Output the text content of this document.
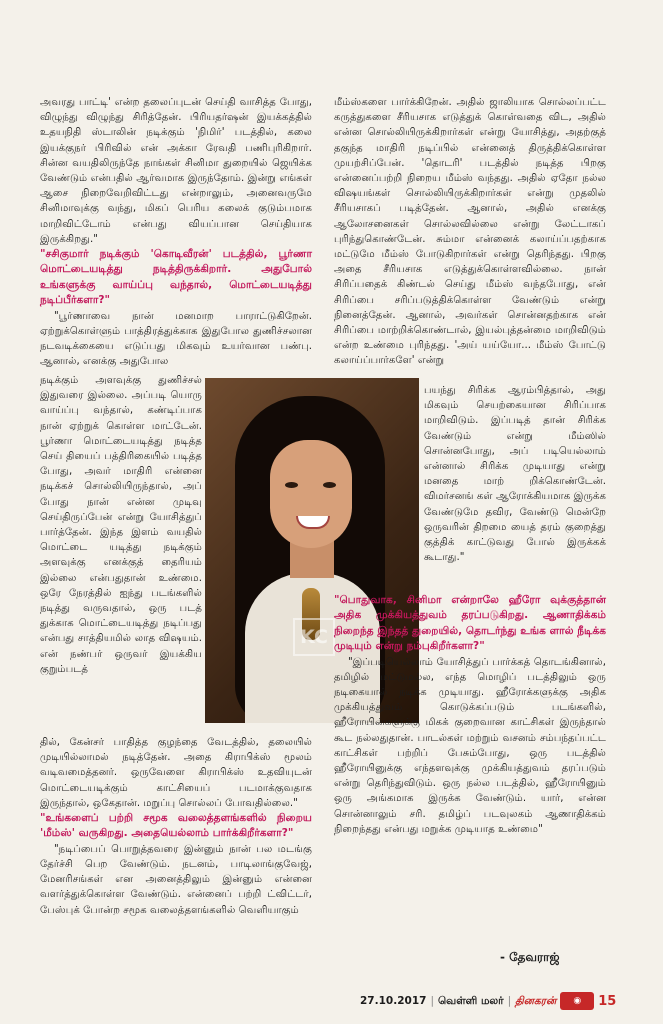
அவரது பாட்டி' என்ற தலைப்புடன் செய்தி வாசித்த போது, விழுந்து விழுந்து சிரித்தேன். பிரியதர்ஷன் இயக்கத்தில் உதயநிதி ஸ்டாலின் நடிக்கும் 'நிமிர்' படத்தில், கலை இயக்குநர் பிரிவில் என் அக்கா ரேவதி பணிபுரிகிறார். சின்ன வயதிலிருந்தே நாங்கள் சினிமா துறையில் ஜெயிக்க வேண்டும் என்பதில் ஆர்வமாக இருந்தோம். இன்று எங்கள் ஆசை நிறைவேறிவிட்டது என்றாலும், அனைவருமே சினிமாவுக்கு வந்து, மிகப் பெரிய கலைக் குடும்பமாக மாறிவிட்டோம் என்பது வியப்பான செய்தியாக இருக்கிறது."

"சசிகுமார் நடிக்கும் 'கொடிவீரன்' படத்தில், பூர்ணா மொட்டையடித்து நடித்திருக்கிறார். அதுபோல் உங்களுக்கு வாய்ப்பு வந்தால், மொட்டையடித்து நடிப்பீர்களா?"

"பூர்ணாவை நான் மனமாற பாராட்டுகிறேன். ஏற்றுக்கொள்ளும் பாத்திரத்துக்காக இதுபோல துணிச்சலான நடவடிக்கையை எடுப்பது மிகவும் உயர்வான பண்பு. ஆனால், எனக்கு அதுபோல

நடிக்கும் அளவுக்கு துணிச்சல் இதுவரை இல்லை. அப்படி யொரு வாய்ப்பு வந்தால், கண்டிப்பாக நான் ஏற்றுக் கொள்ள மாட்டேன். பூர்ணா மொட்டையடித்து நடித்த செய் தியைப் பத்திரிகையில் படித்த போது, அவர் மாதிரி என்னை நடிக்கச் சொல்லியிருந்தால், அப் போது நான் என்ன முடிவு செய்திருப்பேன் என்று யோசித்துப் பார்த்தேன். இந்த இளம் வயதில் மொட்டை யடித்து நடிக்கும் அளவுக்கு எனக்குத் தைரியம் இல்லை என்பதுதான் உண்மை. ஒரே நேரத்தில் ஐந்து படங்களில் நடித்து வருவதால், ஒரு படத் துக்காக மொட்டையடித்து நடிப்பது என்பது சாத்தியமில் லாத விஷயம். என் நண்பர் ஒருவர் இயக்கிய குறும்படத்

KC

தில், கேன்சர் பாதித்த குழந்தை வேடத்தில், தலையில் முடியில்லாமல் நடித்தேன். அதை கிராபிக்ஸ் மூலம் வடிவமைத்தனர். ஒருவேளை கிராபிக்ஸ் உதவியுடன் மொட்டையடிக்கும் காட்சியைப் படமாக்குவதாக இருந்தால், ஒகேதான். மறுப்பு சொல்லப் போவதில்லை."

"உங்களைப் பற்றி சமூக வலைத்தளங்களில் நிறைய 'மீம்ஸ்' வருகிறது. அதையெல்லாம் பார்க்கிறீர்களா?"

"நடிப்பைப் பொறுத்தவரை இன்னும் நான் பல மடங்கு தேர்ச்சி பெற வேண்டும். நடனம், பாடிலாங்குவேஜ், மேனரிசங்கள் என அனைத்திலும் இன்னும் என்னை வளர்த்துக்கொள்ள வேண்டும். என்னைப் பற்றி ட்விட்டர், பேஸ்புக் போன்ற சமூக வலைத்தளங்களில் வெளியாகும்

மீம்ஸ்களை பார்க்கிறேன். அதில் ஜாலியாக சொல்லப்பட்ட கருத்துகளை சீரியசாக எடுத்துக் கொள்வதை விட, அதில் என்ன சொல்லியிருக்கிறார்கள் என்று யோசித்து, அதற்குத் தகுந்த மாதிரி நடிப்பில் என்னைத் திருத்திக்கொள்ள முயற்சிப்பேன். 'தொடரி' படத்தில் நடித்த பிறகு என்னைப்பற்றி நிறைய மீம்ஸ் வந்தது. அதில் ஏதோ நல்ல விஷயங்கள் சொல்லியிருக்கிறார்கள் என்று முதலில் சீரியசாகப் படித்தேன். ஆனால், அதில் எனக்கு ஆலோசனைகள் சொல்லவில்லை என்று லேட்டாகப் புரிந்துகொண்டேன். சும்மா என்னைக் கலாய்ப்பதற்காக மட்டுமே மீம்ஸ் போடுகிறார்கள் என்று தெரிந்தது. பிறகு அதை சீரியசாக எடுத்துக்கொள்ளவில்லை. நான் சிரிப்பதைக் கிண்டல் செய்து மீம்ஸ் வந்தபோது, என் சிரிப்பை சரிப்படுத்திக்கொள்ள வேண்டும் என்று நினைத்தேன். ஆனால், அவர்கள் சொன்னதற்காக என் சிரிப்பை மாற்றிக்கொண்டால், இயல்புத்தன்மை மாறிவிடும் என்ற உண்மை புரிந்தது. 'அய் யய்யோ... மீம்ஸ் போட்டு கலாய்ப்பார்களே' என்று

பயந்து சிரிக்க ஆரம்பித்தால், அது மிகவும் செயற்கையான சிரிப்பாக மாறிவிடும். இப்படித் தான் சிரிக்க வேண்டும் என்று மீம்ஸில் சொன்னபோது, அப் படியெல்லாம் என்னால் சிரிக்க முடியாது என்று மனதை மாற் றிக்கொண்டேன். விமர்சனங் கள் ஆரோக்கியமாக இருக்க வேண்டுமே தவிர, வேண்டு மென்றே ஒருவரின் திறமை யைத் தரம் குறைத்து குத்திக் காட்டுவது போல் இருக்கக் கூடாது."

"பொதுவாக, சினிமா என்றாலே ஹீரோ வுக்குத்தான் அதிக முக்கியத்துவம் தரப்படுகிறது. ஆணாதிக்கம் நிறைந்த இந்தத் துறையில், தொடர்ந்து உங்க ளால் நீடிக்க முடியும் என்று நம்புகிறீர்களா?"

"இப்படியெல்லாம் யோசித்துப் பார்க்கத் தொடங்கினால், தமிழில் மட்டுமல்ல, எந்த மொழிப் படத்திலும் ஒரு நடிகையால் நடிக்க முடியாது. ஹீரோக்களுக்கு அதிக முக்கியத்துவம் கொடுக்கப்படும் படங்களில், ஹீரோயின்களுக்கு மிகக் குறைவான காட்சிகள் இருந்தால் கூட நல்லதுதான். பாடல்கள் மற்றும் வசனம் சம்பந்தப்பட்ட காட்சிகள் பற்றிப் பேசும்போது, ஒரு படத்தில் ஹீரோயினுக்கு எந்தளவுக்கு முக்கியத்துவம் தரப்படும் என்று தெரிந்துவிடும். ஒரு நல்ல படத்தில், ஹீரோயினும் ஒரு அங்கமாக இருக்க வேண்டும். யார், என்ன சொன்னாலும் சரி. தமிழ்ப் படவுலகம் ஆணாதிக்கம் நிறைந்தது என்பது மறுக்க முடியாத உண்மை"

- தேவராஜ்
27.10.2017 | வெள்ளி மலர் | தினகரன்	◉	15
